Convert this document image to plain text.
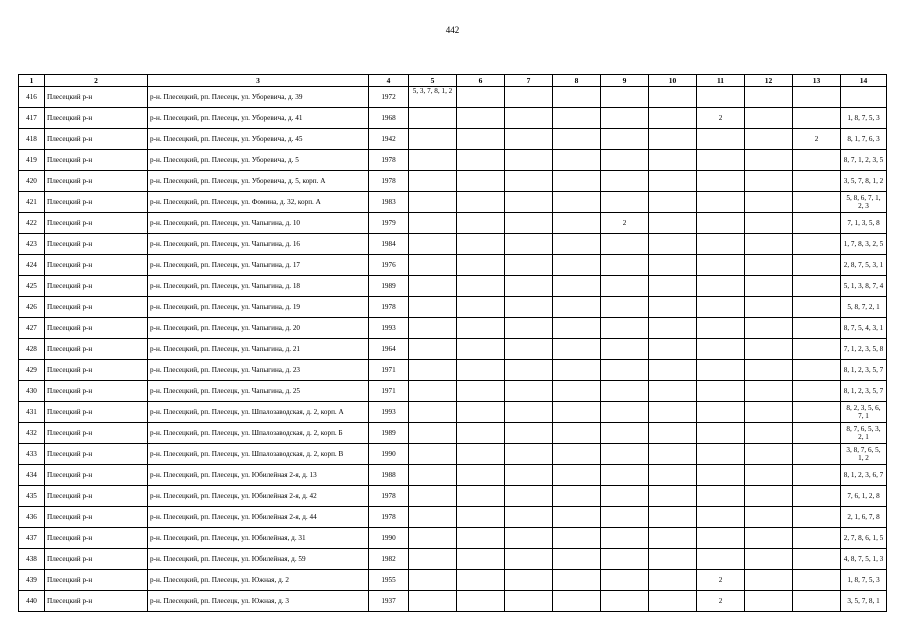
442
1	2	3	4	5	6	7	8	9	10	11	12	13	14
416	Плесецкий р-н	р-н. Плесецкий, рп. Плесецк, ул. Уборевича, д. 39	1972	5, 3, 7, 8, 1, 2									
417	Плесецкий р-н	р-н. Плесецкий, рп. Плесецк, ул. Уборевича, д. 41	1968							2			1, 8, 7, 5, 3
418	Плесецкий р-н	р-н. Плесецкий, рп. Плесецк, ул. Уборевича, д. 45	1942									2	8, 1, 7, 6, 3
419	Плесецкий р-н	р-н. Плесецкий, рп. Плесецк, ул. Уборевича, д. 5	1978										8, 7, 1, 2, 3, 5
420	Плесецкий р-н	р-н. Плесецкий, рп. Плесецк, ул. Уборевича, д. 5, корп. А	1978										3, 5, 7, 8, 1, 2
421	Плесецкий р-н	р-н. Плесецкий, рп. Плесецк, ул. Фомина, д. 32, корп. А	1983										5, 8, 6, 7, 1, 2, 3
422	Плесецкий р-н	р-н. Плесецкий, рп. Плесецк, ул. Чапыгина, д. 10	1979					2					7, 1, 3, 5, 8
423	Плесецкий р-н	р-н. Плесецкий, рп. Плесецк, ул. Чапыгина, д. 16	1984										1, 7, 8, 3, 2, 5
424	Плесецкий р-н	р-н. Плесецкий, рп. Плесецк, ул. Чапыгина, д. 17	1976										2, 8, 7, 5, 3, 1
425	Плесецкий р-н	р-н. Плесецкий, рп. Плесецк, ул. Чапыгина, д. 18	1989										5, 1, 3, 8, 7, 4
426	Плесецкий р-н	р-н. Плесецкий, рп. Плесецк, ул. Чапыгина, д. 19	1978										5, 8, 7, 2, 1
427	Плесецкий р-н	р-н. Плесецкий, рп. Плесецк, ул. Чапыгина, д. 20	1993										8, 7, 5, 4, 3, 1
428	Плесецкий р-н	р-н. Плесецкий, рп. Плесецк, ул. Чапыгина, д. 21	1964										7, 1, 2, 3, 5, 8
429	Плесецкий р-н	р-н. Плесецкий, рп. Плесецк, ул. Чапыгина, д. 23	1971										8, 1, 2, 3, 5, 7
430	Плесецкий р-н	р-н. Плесецкий, рп. Плесецк, ул. Чапыгина, д. 25	1971										8, 1, 2, 3, 5, 7
431	Плесецкий р-н	р-н. Плесецкий, рп. Плесецк, ул. Шпалозаводская, д. 2, корп. А	1993										8, 2, 3, 5, 6, 7, 1
432	Плесецкий р-н	р-н. Плесецкий, рп. Плесецк, ул. Шпалозаводская, д. 2, корп. Б	1989										8, 7, 6, 5, 3, 2, 1
433	Плесецкий р-н	р-н. Плесецкий, рп. Плесецк, ул. Шпалозаводская, д. 2, корп. В	1990										3, 8, 7, 6, 5, 1, 2
434	Плесецкий р-н	р-н. Плесецкий, рп. Плесецк, ул. Юбилейная 2-я, д. 13	1988										8, 1, 2, 3, 6, 7
435	Плесецкий р-н	р-н. Плесецкий, рп. Плесецк, ул. Юбилейная 2-я, д. 42	1978										7, 6, 1, 2, 8
436	Плесецкий р-н	р-н. Плесецкий, рп. Плесецк, ул. Юбилейная 2-я, д. 44	1978										2, 1, 6, 7, 8
437	Плесецкий р-н	р-н. Плесецкий, рп. Плесецк, ул. Юбилейная, д. 31	1990										2, 7, 8, 6, 1, 5
438	Плесецкий р-н	р-н. Плесецкий, рп. Плесецк, ул. Юбилейная, д. 59	1982										4, 8, 7, 5, 1, 3
439	Плесецкий р-н	р-н. Плесецкий, рп. Плесецк, ул. Южная, д. 2	1955							2			1, 8, 7, 5, 3
440	Плесецкий р-н	р-н. Плесецкий, рп. Плесецк, ул. Южная, д. 3	1937							2			3, 5, 7, 8, 1
